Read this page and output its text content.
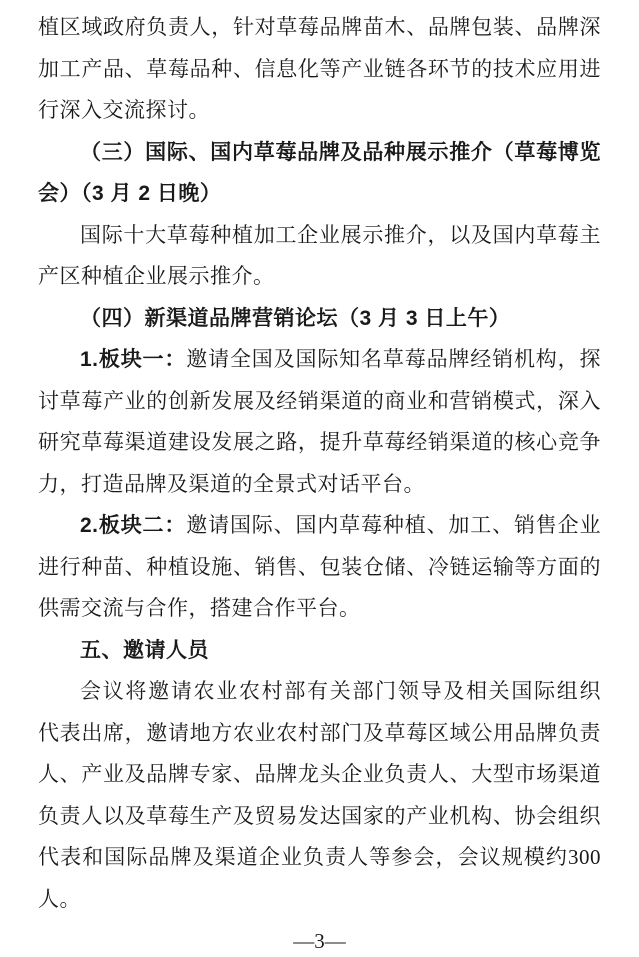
植区域政府负责人，针对草莓品牌苗木、品牌包装、品牌深
加工产品、草莓品种、信息化等产业链各环节的技术应用进
行深入交流探讨。
（三）国际、国内草莓品牌及品种展示推介（草莓博览
会）（3 月 2 日晚）
国际十大草莓种植加工企业展示推介，以及国内草莓主
产区种植企业展示推介。
（四）新渠道品牌营销论坛（3 月 3 日上午）
1.板块一：邀请全国及国际知名草莓品牌经销机构，探
讨草莓产业的创新发展及经销渠道的商业和营销模式，深入
研究草莓渠道建设发展之路，提升草莓经销渠道的核心竞争
力，打造品牌及渠道的全景式对话平台。
2.板块二：邀请国际、国内草莓种植、加工、销售企业
进行种苗、种植设施、销售、包装仓储、冷链运输等方面的
供需交流与合作，搭建合作平台。
五、邀请人员
会议将邀请农业农村部有关部门领导及相关国际组织
代表出席，邀请地方农业农村部门及草莓区域公用品牌负责
人、产业及品牌专家、品牌龙头企业负责人、大型市场渠道
负责人以及草莓生产及贸易发达国家的产业机构、协会组织
代表和国际品牌及渠道企业负责人等参会，会议规模约300
人。
—3—
